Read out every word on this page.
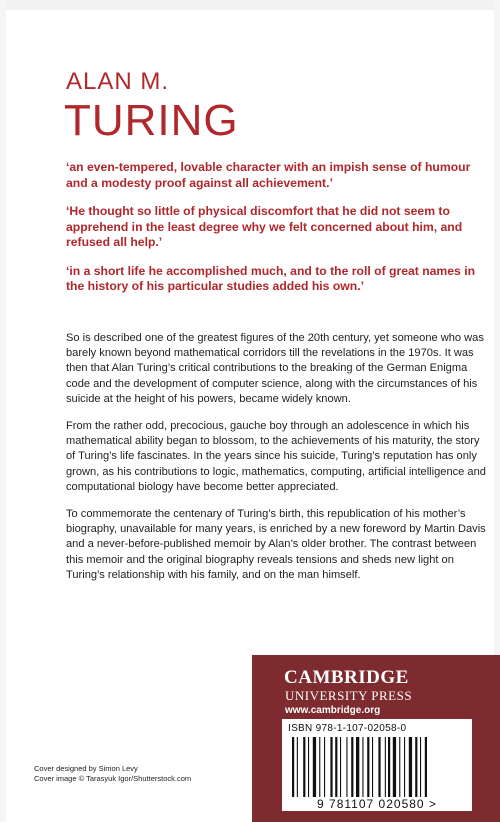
ALAN M.
TURING

‘an even-tempered, lovable character with an impish sense of humour and a modesty proof against all achievement.’

‘He thought so little of physical discomfort that he did not seem to apprehend in the least degree why we felt concerned about him, and refused all help.’

‘in a short life he accomplished much, and to the roll of great names in the history of his particular studies added his own.’

So is described one of the greatest figures of the 20th century, yet someone who was barely known beyond mathematical corridors till the revelations in the 1970s. It was then that Alan Turing’s critical contributions to the breaking of the German Enigma code and the development of computer science, along with the circumstances of his suicide at the height of his powers, became widely known.

From the rather odd, precocious, gauche boy through an adolescence in which his mathematical ability began to blossom, to the achievements of his maturity, the story of Turing’s life fascinates. In the years since his suicide, Turing’s reputation has only grown, as his contributions to logic, mathematics, computing, artificial intelligence and computational biology have become better appreciated.

To commemorate the centenary of Turing’s birth, this republication of his mother’s biography, unavailable for many years, is enriched by a new foreword by Martin Davis and a never-before-published memoir by Alan’s older brother. The contrast between this memoir and the original biography reveals tensions and sheds new light on Turing’s relationship with his family, and on the man himself.

CAMBRIDGE
UNIVERSITY PRESS
www.cambridge.org
ISBN 978-1-107-02058-0
9 781107 020580 >
Cover designed by Simon Levy
Cover image © Tarasyuk Igor/Shutterstock.com
